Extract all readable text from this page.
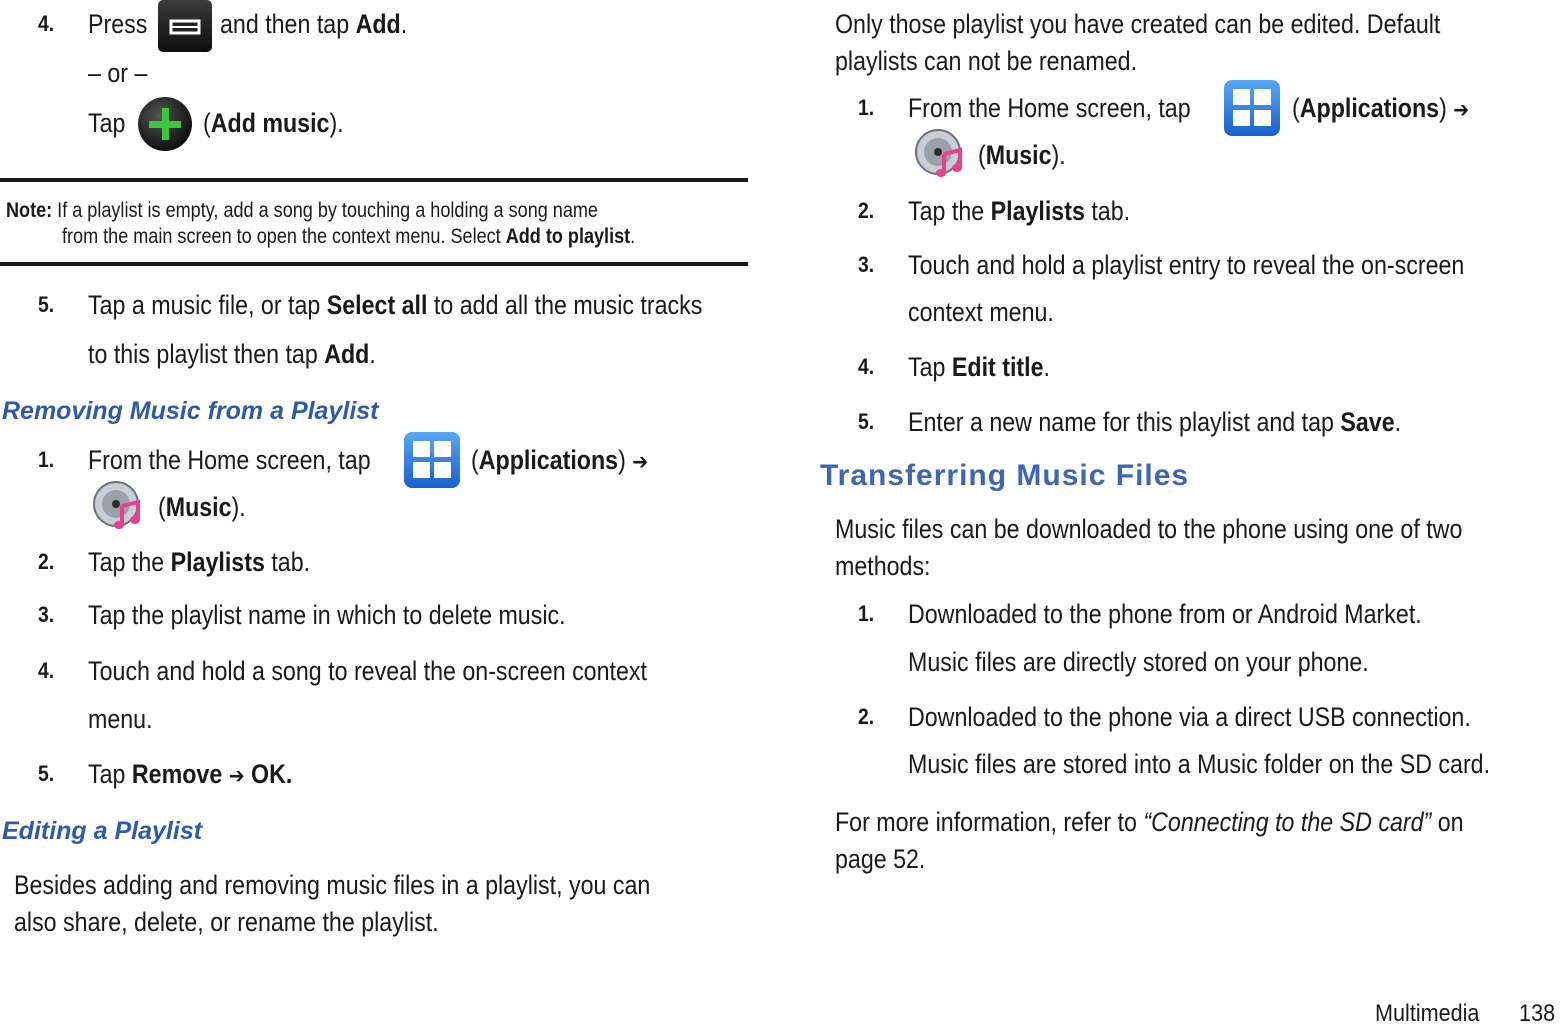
4. Press	and then tap Add.
– or –
Tap	(Add music).
Note: If a playlist is empty, add a song by touching a holding a song name
from the main screen to open the context menu. Select Add to playlist.
5. Tap a music file, or tap Select all to add all the music tracks
to this playlist then tap Add.
Removing Music from a Playlist
1. From the Home screen, tap	(Applications) ➔
(Music).
2. Tap the Playlists tab.
3. Tap the playlist name in which to delete music.
4. Touch and hold a song to reveal the on-screen context
menu.
5. Tap Remove ➔ OK.
Editing a Playlist
Besides adding and removing music files in a playlist, you can
also share, delete, or rename the playlist.
Only those playlist you have created can be edited. Default
playlists can not be renamed.
1. From the Home screen, tap	(Applications) ➔
(Music).
2. Tap the Playlists tab.
3. Touch and hold a playlist entry to reveal the on-screen
context menu.
4. Tap Edit title.
5. Enter a new name for this playlist and tap Save.
Transferring Music Files
Music files can be downloaded to the phone using one of two
methods:
1. Downloaded to the phone from or Android Market.
Music files are directly stored on your phone.
2. Downloaded to the phone via a direct USB connection.
Music files are stored into a Music folder on the SD card.
For more information, refer to “Connecting to the SD card” on
page 52.
Multimedia 138
